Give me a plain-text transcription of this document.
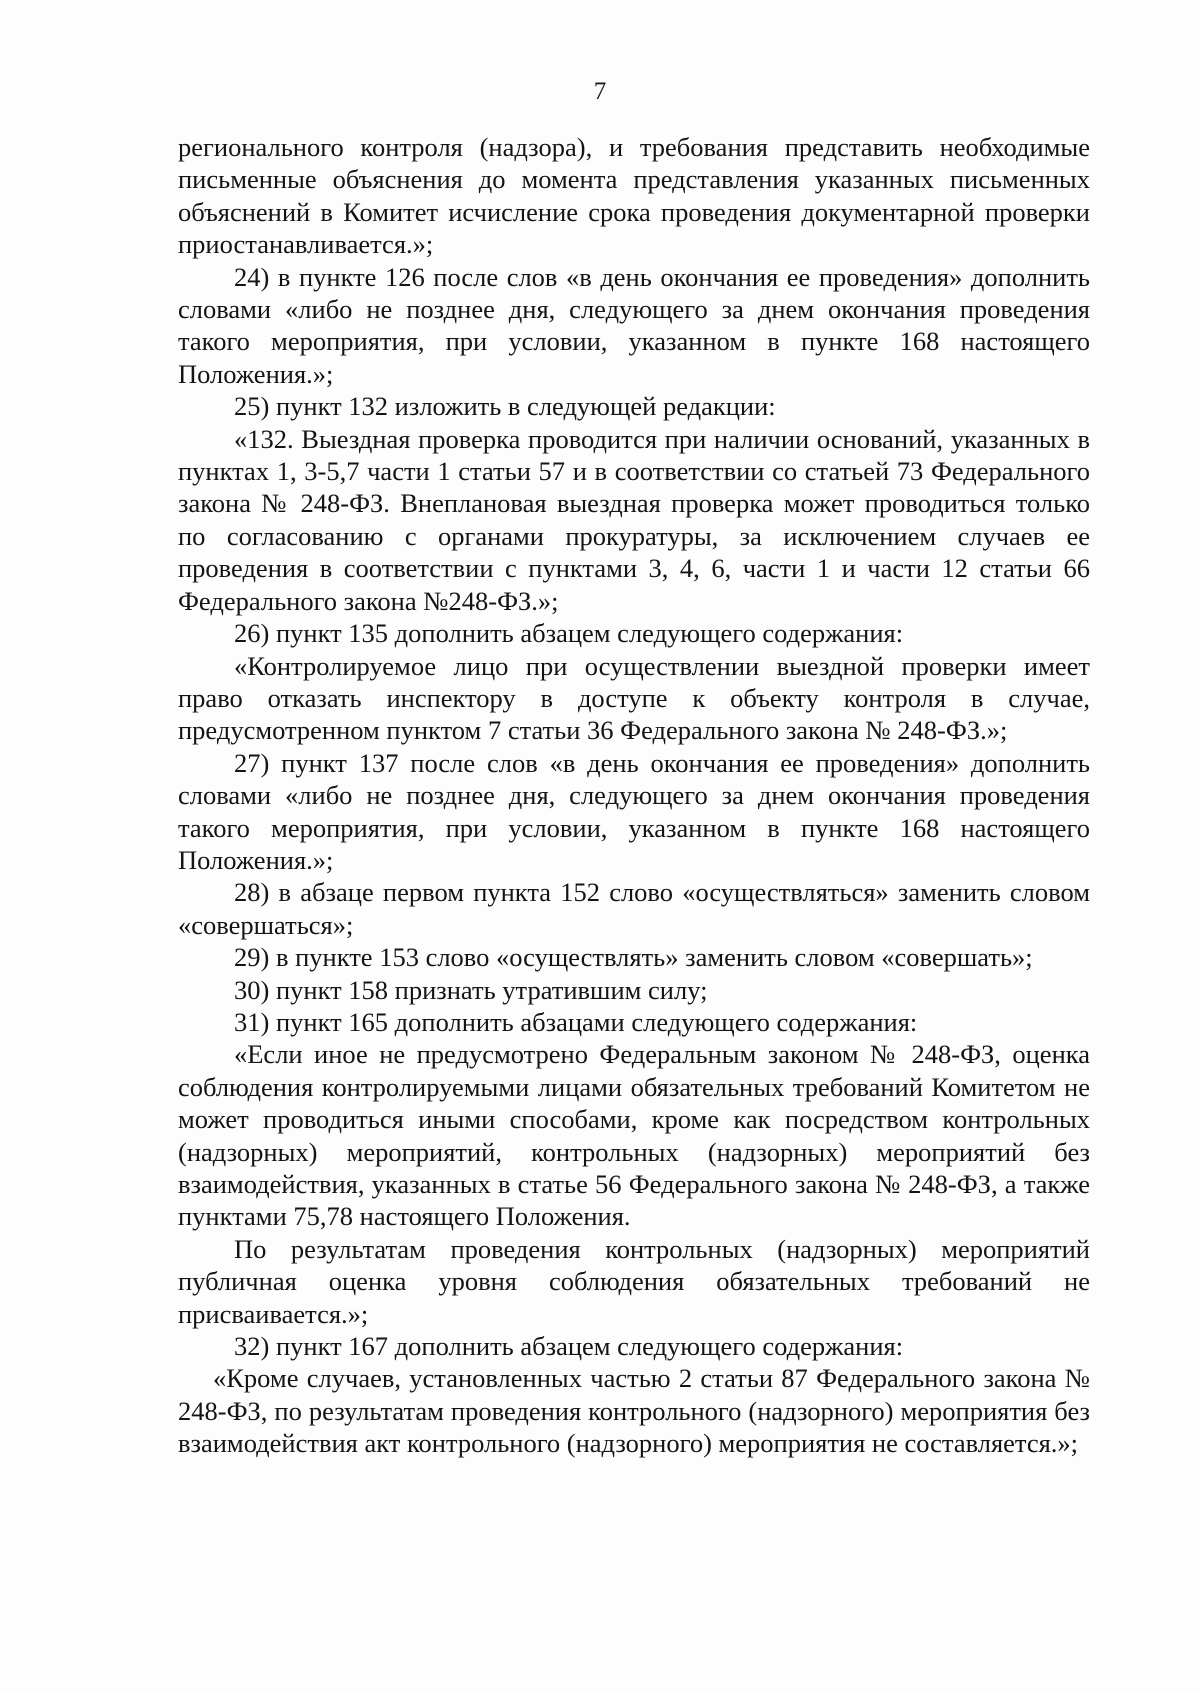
7

регионального контроля (надзора), и требования представить необходимые письменные объяснения до момента представления указанных письменных объяснений в Комитет исчисление срока проведения документарной проверки приостанавливается.»;

24) в пункте 126 после слов «в день окончания ее проведения» дополнить словами «либо не позднее дня, следующего за днем окончания проведения такого мероприятия, при условии, указанном в пункте 168 настоящего Положения.»;

25) пункт 132 изложить в следующей редакции:

«132. Выездная проверка проводится при наличии оснований, указанных в пунктах 1, 3-5,7 части 1 статьи 57 и в соответствии со статьей 73 Федерального закона № 248-ФЗ. Внеплановая выездная проверка может проводиться только по согласованию с органами прокуратуры, за исключением случаев ее проведения в соответствии с пунктами 3, 4, 6, части 1 и части 12 статьи 66 Федерального закона №248-ФЗ.»;

26) пункт 135 дополнить абзацем следующего содержания:

«Контролируемое лицо при осуществлении выездной проверки имеет право отказать инспектору в доступе к объекту контроля в случае, предусмотренном пунктом 7 статьи 36 Федерального закона № 248-ФЗ.»;

27) пункт 137 после слов «в день окончания ее проведения» дополнить словами «либо не позднее дня, следующего за днем окончания проведения такого мероприятия, при условии, указанном в пункте 168 настоящего Положения.»;

28) в абзаце первом пункта 152 слово «осуществляться» заменить словом «совершаться»;

29) в пункте 153 слово «осуществлять» заменить словом «совершать»;

30) пункт 158 признать утратившим силу;

31) пункт 165 дополнить абзацами следующего содержания:

«Если иное не предусмотрено Федеральным законом № 248-ФЗ, оценка соблюдения контролируемыми лицами обязательных требований Комитетом не может проводиться иными способами, кроме как посредством контрольных (надзорных) мероприятий, контрольных (надзорных) мероприятий без взаимодействия, указанных в статье 56 Федерального закона № 248-ФЗ, а также пунктами 75,78 настоящего Положения.

По результатам проведения контрольных (надзорных) мероприятий публичная оценка уровня соблюдения обязательных требований не присваивается.»;

32) пункт 167 дополнить абзацем следующего содержания:

«Кроме случаев, установленных частью 2 статьи 87 Федерального закона № 248-ФЗ, по результатам проведения контрольного (надзорного) мероприятия без взаимодействия акт контрольного (надзорного) мероприятия не составляется.»;
